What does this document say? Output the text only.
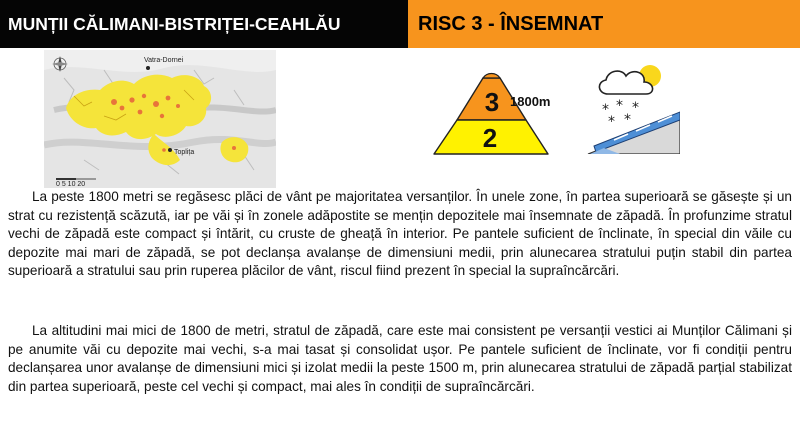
MUNȚII CĂLIMANI-BISTRIȚEI-CEAHLĂU	RISC 3 - ÎNSEMNAT
Vatra-Dornei
Toplița
0 5 10 20
3
2
1800m
* * *
* *

La peste 1800 metri se regăsesc plăci de vânt pe majoritatea versanților. În unele zone, în partea superioară se găsește și un strat cu rezistență scăzută, iar pe văi și în zonele adăpostite se mențin depozitele mai însemnate de zăpadă. În profunzime stratul vechi de zăpadă este compact și întărit, cu cruste de gheață în interior. Pe pantele suficient de înclinate, în special din văile cu depozite mai mari de zăpadă, se pot declanșa avalanșe de dimensiuni medii, prin alunecarea stratului puțin stabil din partea superioară a stratului sau prin ruperea plăcilor de vânt, riscul fiind prezent în special la supraîncărcări.

La altitudini mai mici de 1800 de metri, stratul de zăpadă, care este mai consistent pe versanții vestici ai Munților Călimani și pe anumite văi cu depozite mai vechi, s-a mai tasat și consolidat ușor. Pe pantele suficient de înclinate, vor fi condiții pentru declanșarea unor avalanșe de dimensiuni mici și izolat medii la peste 1500 m, prin alunecarea stratului de zăpadă parțial stabilizat din partea superioară, peste cel vechi și compact, mai ales în condiții de supraîncărcări.
